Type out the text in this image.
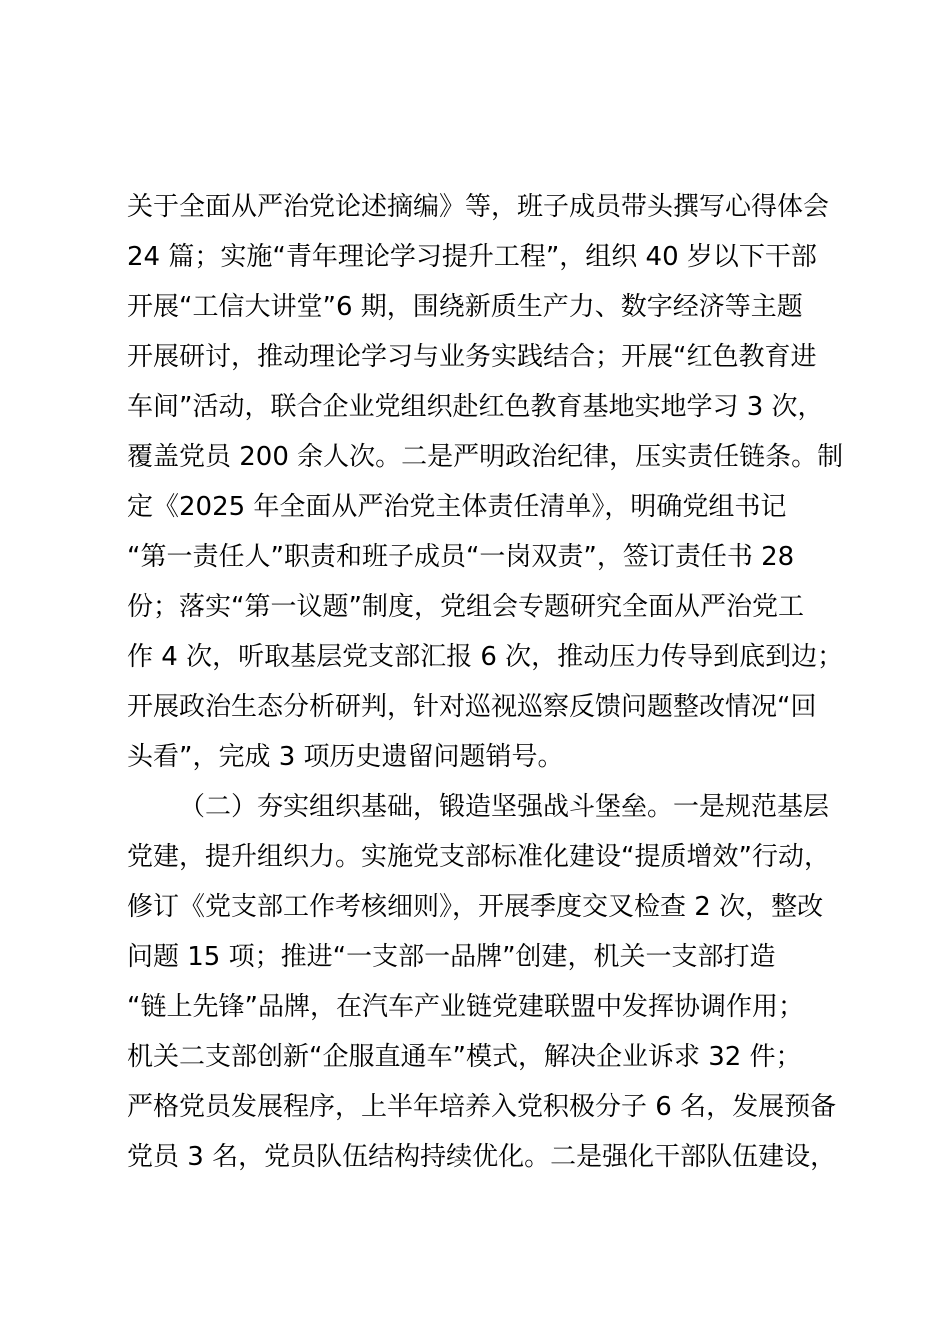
关于全面从严治党论述摘编》等，班子成员带头撰写心得体会
24 篇；实施“青年理论学习提升工程”，组织 40 岁以下干部
开展“工信大讲堂”6 期，围绕新质生产力、数字经济等主题
开展研讨，推动理论学习与业务实践结合；开展“红色教育进
车间”活动，联合企业党组织赴红色教育基地实地学习 3 次，
覆盖党员 200 余人次。二是严明政治纪律，压实责任链条。制
定《2025 年全面从严治党主体责任清单》，明确党组书记
“第一责任人”职责和班子成员“一岗双责”，签订责任书 28
份；落实“第一议题”制度，党组会专题研究全面从严治党工
作 4 次，听取基层党支部汇报 6 次，推动压力传导到底到边；
开展政治生态分析研判，针对巡视巡察反馈问题整改情况“回
头看”，完成 3 项历史遗留问题销号。
（二）夯实组织基础，锻造坚强战斗堡垒。一是规范基层
党建，提升组织力。实施党支部标准化建设“提质增效”行动，
修订《党支部工作考核细则》，开展季度交叉检查 2 次，整改
问题 15 项；推进“一支部一品牌”创建，机关一支部打造
“链上先锋”品牌，在汽车产业链党建联盟中发挥协调作用；
机关二支部创新“企服直通车”模式，解决企业诉求 32 件；
严格党员发展程序，上半年培养入党积极分子 6 名，发展预备
党员 3 名，党员队伍结构持续优化。二是强化干部队伍建设，
